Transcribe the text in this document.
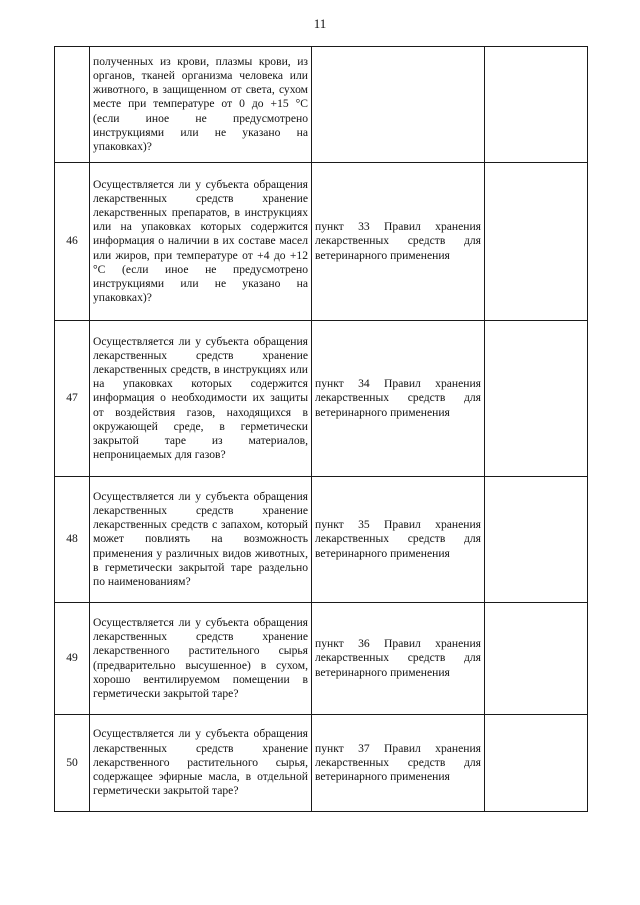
11
	полученных из крови, плазмы крови, из органов, тканей организма человека или животного, в защищенном от света, сухом месте при температуре от 0 до +15 °С (если иное не предусмотрено инструкциями или не указано на упаковках)?		
46	Осуществляется ли у субъекта обращения лекарственных средств хранение лекарственных препаратов, в инструкциях или на упаковках которых содержится информация о наличии в их составе масел или жиров, при температуре от +4 до +12 °С (если иное не предусмотрено инструкциями или не указано на упаковках)?	пункт 33 Правил хранения лекарственных средств для ветеринарного применения	
47	Осуществляется ли у субъекта обращения лекарственных средств хранение лекарственных средств, в инструкциях или на упаковках которых содержится информация о необходимости их защиты от воздействия газов, находящихся в окружающей среде, в герметически закрытой таре из материалов, непроницаемых для газов?	пункт 34 Правил хранения лекарственных средств для ветеринарного применения	
48	Осуществляется ли у субъекта обращения лекарственных средств хранение лекарственных средств с запахом, который может повлиять на возможность применения у различных видов животных, в герметически закрытой таре раздельно по наименованиям?	пункт 35 Правил хранения лекарственных средств для ветеринарного применения	
49	Осуществляется ли у субъекта обращения лекарственных средств хранение лекарственного растительного сырья (предварительно высушенное) в сухом, хорошо вентилируемом помещении в герметически закрытой таре?	пункт 36 Правил хранения лекарственных средств для ветеринарного применения	
50	Осуществляется ли у субъекта обращения лекарственных средств хранение лекарственного растительного сырья, содержащее эфирные масла, в отдельной герметически закрытой таре?	пункт 37 Правил хранения лекарственных средств для ветеринарного применения	
